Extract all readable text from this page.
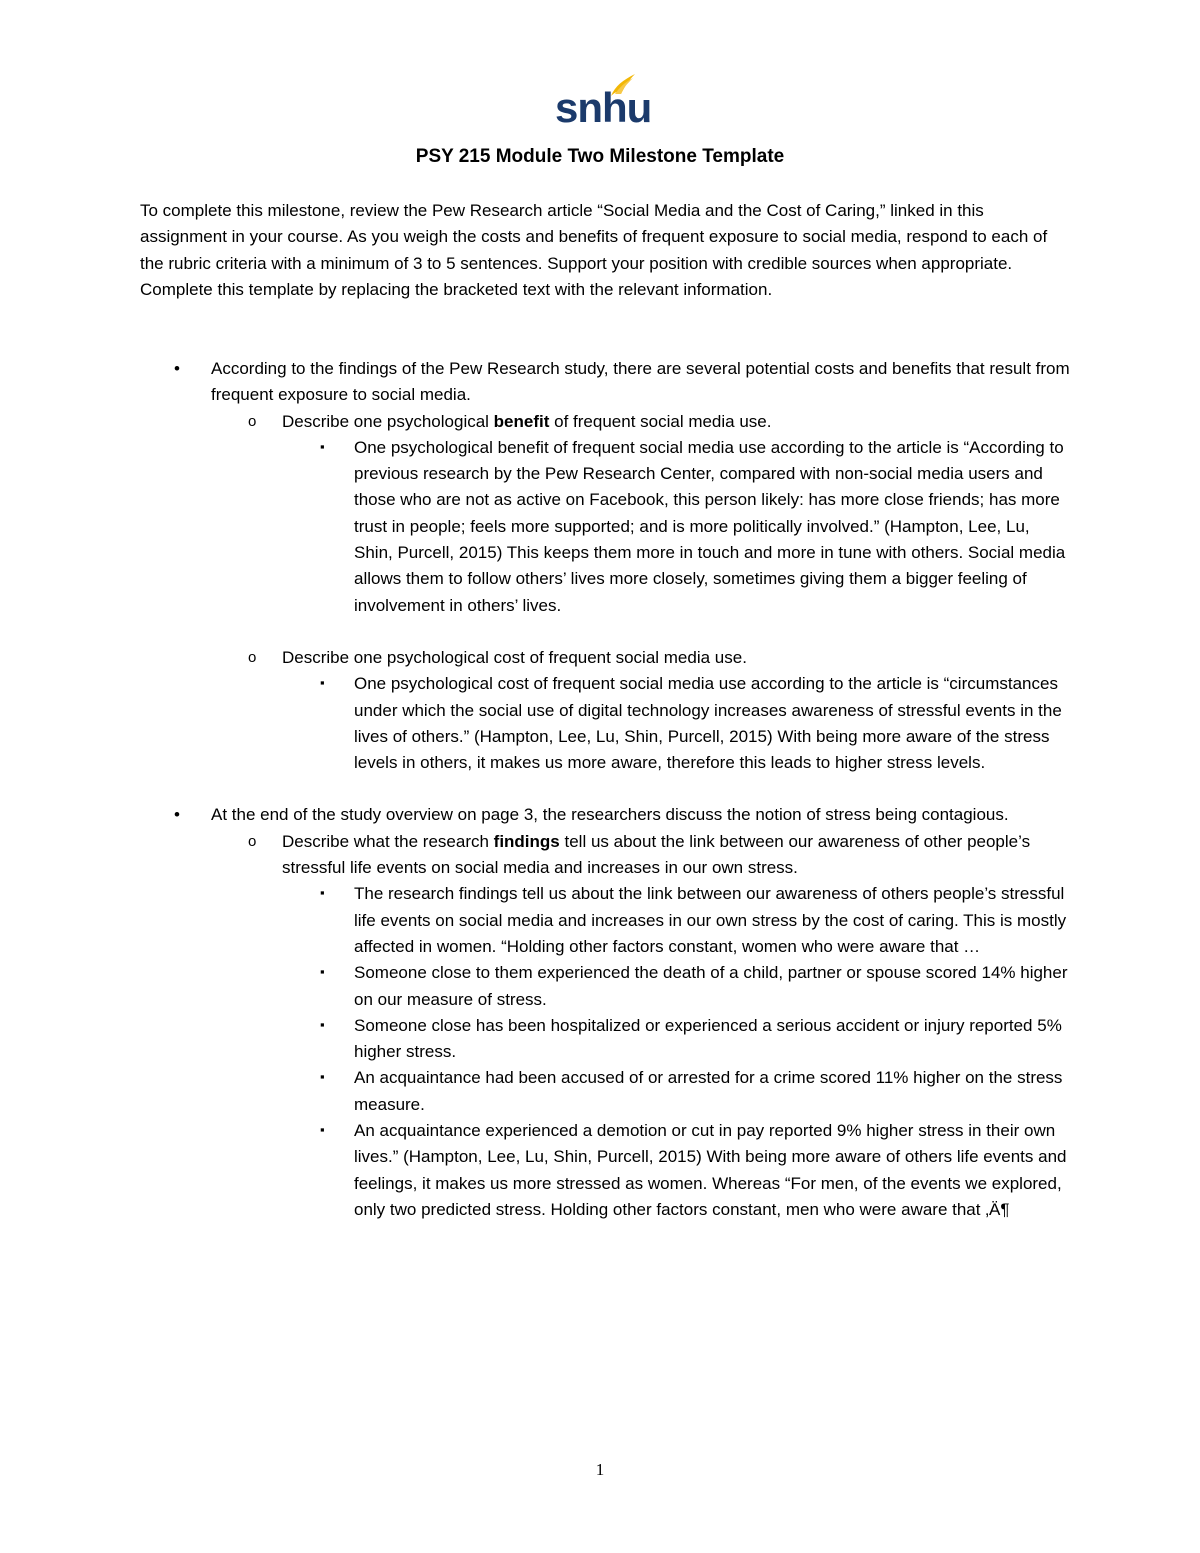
snhu
PSY 215 Module Two Milestone Template
To complete this milestone, review the Pew Research article “Social Media and the Cost of Caring,” linked in this assignment in your course. As you weigh the costs and benefits of frequent exposure to social media, respond to each of the rubric criteria with a minimum of 3 to 5 sentences. Support your position with credible sources when appropriate. Complete this template by replacing the bracketed text with the relevant information.
• According to the findings of the Pew Research study, there are several potential costs and benefits that result from frequent exposure to social media.
o Describe one psychological benefit of frequent social media use.
▪ One psychological benefit of frequent social media use according to the article is “According to previous research by the Pew Research Center, compared with non-social media users and those who are not as active on Facebook, this person likely: has more close friends; has more trust in people; feels more supported; and is more politically involved.” (Hampton, Lee, Lu, Shin, Purcell, 2015) This keeps them more in touch and more in tune with others. Social media allows them to follow others’ lives more closely, sometimes giving them a bigger feeling of involvement in others’ lives.
o Describe one psychological cost of frequent social media use.
▪ One psychological cost of frequent social media use according to the article is “circumstances under which the social use of digital technology increases awareness of stressful events in the lives of others.” (Hampton, Lee, Lu, Shin, Purcell, 2015) With being more aware of the stress levels in others, it makes us more aware, therefore this leads to higher stress levels.
• At the end of the study overview on page 3, the researchers discuss the notion of stress being contagious.
o Describe what the research findings tell us about the link between our awareness of other people’s stressful life events on social media and increases in our own stress.
▪ The research findings tell us about the link between our awareness of others people’s stressful life events on social media and increases in our own stress by the cost of caring. This is mostly affected in women. “Holding other factors constant, women who were aware that …
▪ Someone close to them experienced the death of a child, partner or spouse scored 14% higher on our measure of stress.
▪ Someone close has been hospitalized or experienced a serious accident or injury reported 5% higher stress.
▪ An acquaintance had been accused of or arrested for a crime scored 11% higher on the stress measure.
▪ An acquaintance experienced a demotion or cut in pay reported 9% higher stress in their own lives.” (Hampton, Lee, Lu, Shin, Purcell, 2015) With being more aware of others life events and feelings, it makes us more stressed as women. Whereas “For men, of the events we explored, only two predicted stress. Holding other factors constant, men who were aware that ‚Ä¶
1
